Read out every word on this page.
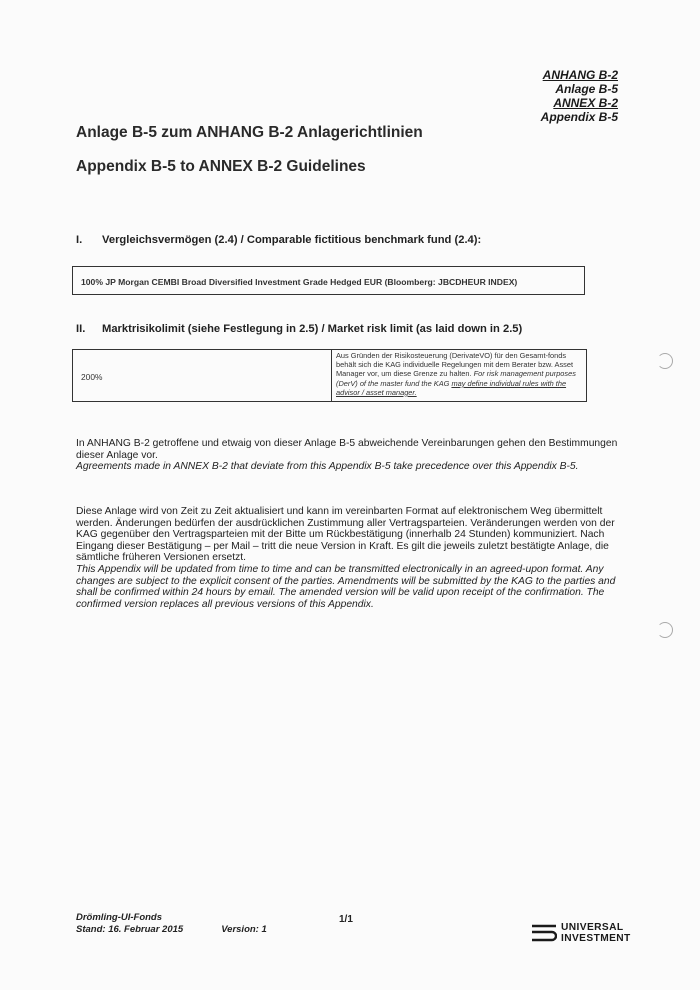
ANHANG B-2
Anlage B-5
ANNEX B-2
Appendix B-5
Anlage B-5 zum ANHANG B-2 Anlagerichtlinien
Appendix B-5 to ANNEX B-2 Guidelines
I. Vergleichsvermögen (2.4) / Comparable fictitious benchmark fund (2.4):
100% JP Morgan CEMBI Broad Diversified Investment Grade Hedged EUR (Bloomberg: JBCDHEUR INDEX)
II. Marktrisikolimit (siehe Festlegung in 2.5) / Market risk limit (as laid down in 2.5)
200%
Aus Gründen der Risikosteuerung (DerivateVO) für den Gesamt-fonds behält sich die KAG individuelle Regelungen mit dem Berater bzw. Asset Manager vor, um diese Grenze zu halten. For risk management purposes (DerV) of the master fund the KAG may define individual rules with the advisor / asset manager.
In ANHANG B-2 getroffene und etwaig von dieser Anlage B-5 abweichende Vereinbarungen gehen den Bestimmungen dieser Anlage vor.
Agreements made in ANNEX B-2 that deviate from this Appendix B-5 take precedence over this Appendix B-5.
Diese Anlage wird von Zeit zu Zeit aktualisiert und kann im vereinbarten Format auf elektronischem Weg übermittelt werden. Änderungen bedürfen der ausdrücklichen Zustimmung aller Vertragsparteien. Veränderungen werden von der KAG gegenüber den Vertragsparteien mit der Bitte um Rückbestätigung (innerhalb 24 Stunden) kommuniziert. Nach Eingang dieser Bestätigung – per Mail – tritt die neue Version in Kraft. Es gilt die jeweils zuletzt bestätigte Anlage, die sämtliche früheren Versionen ersetzt.
This Appendix will be updated from time to time and can be transmitted electronically in an agreed-upon format. Any changes are subject to the explicit consent of the parties. Amendments will be submitted by the KAG to the parties and shall be confirmed within 24 hours by email. The amended version will be valid upon receipt of the confirmation. The confirmed version replaces all previous versions of this Appendix.
Drömling-UI-Fonds
Stand: 16. Februar 2015	Version: 1
1/1
UNIVERSAL
INVESTMENT
